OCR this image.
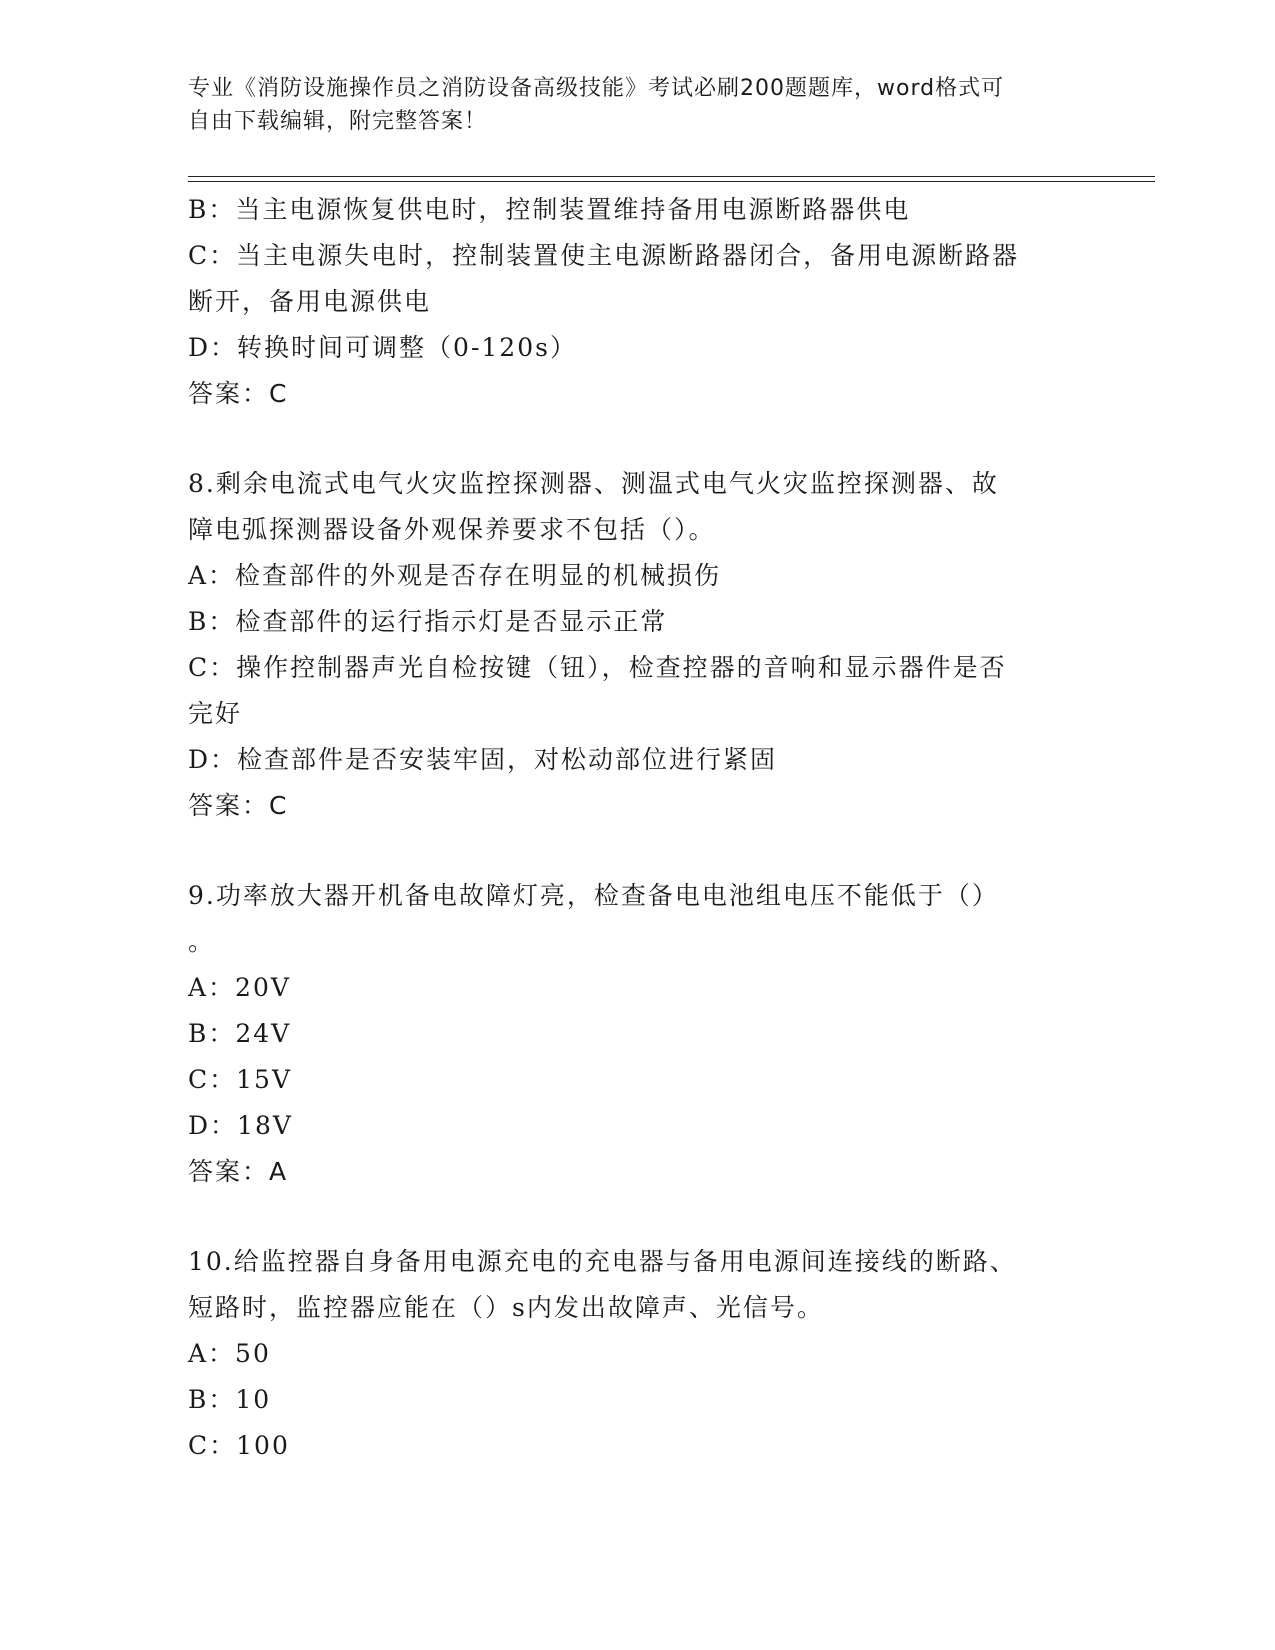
专业《消防设施操作员之消防设备高级技能》考试必刷200题题库，word格式可
自由下载编辑，附完整答案！
B：当主电源恢复供电时，控制装置维持备用电源断路器供电
C：当主电源失电时，控制装置使主电源断路器闭合，备用电源断路器
断开，备用电源供电
D：转换时间可调整（0-120s）
答案：C
8.剩余电流式电气火灾监控探测器、测温式电气火灾监控探测器、故
障电弧探测器设备外观保养要求不包括（）。
A：检查部件的外观是否存在明显的机械损伤
B：检查部件的运行指示灯是否显示正常
C：操作控制器声光自检按键（钮），检查控器的音响和显示器件是否
完好
D：检查部件是否安装牢固，对松动部位进行紧固
答案：C
9.功率放大器开机备电故障灯亮，检查备电电池组电压不能低于（）
。
A：20V
B：24V
C：15V
D：18V
答案：A
10.给监控器自身备用电源充电的充电器与备用电源间连接线的断路、
短路时，监控器应能在（）s内发出故障声、光信号。
A：50
B：10
C：100
